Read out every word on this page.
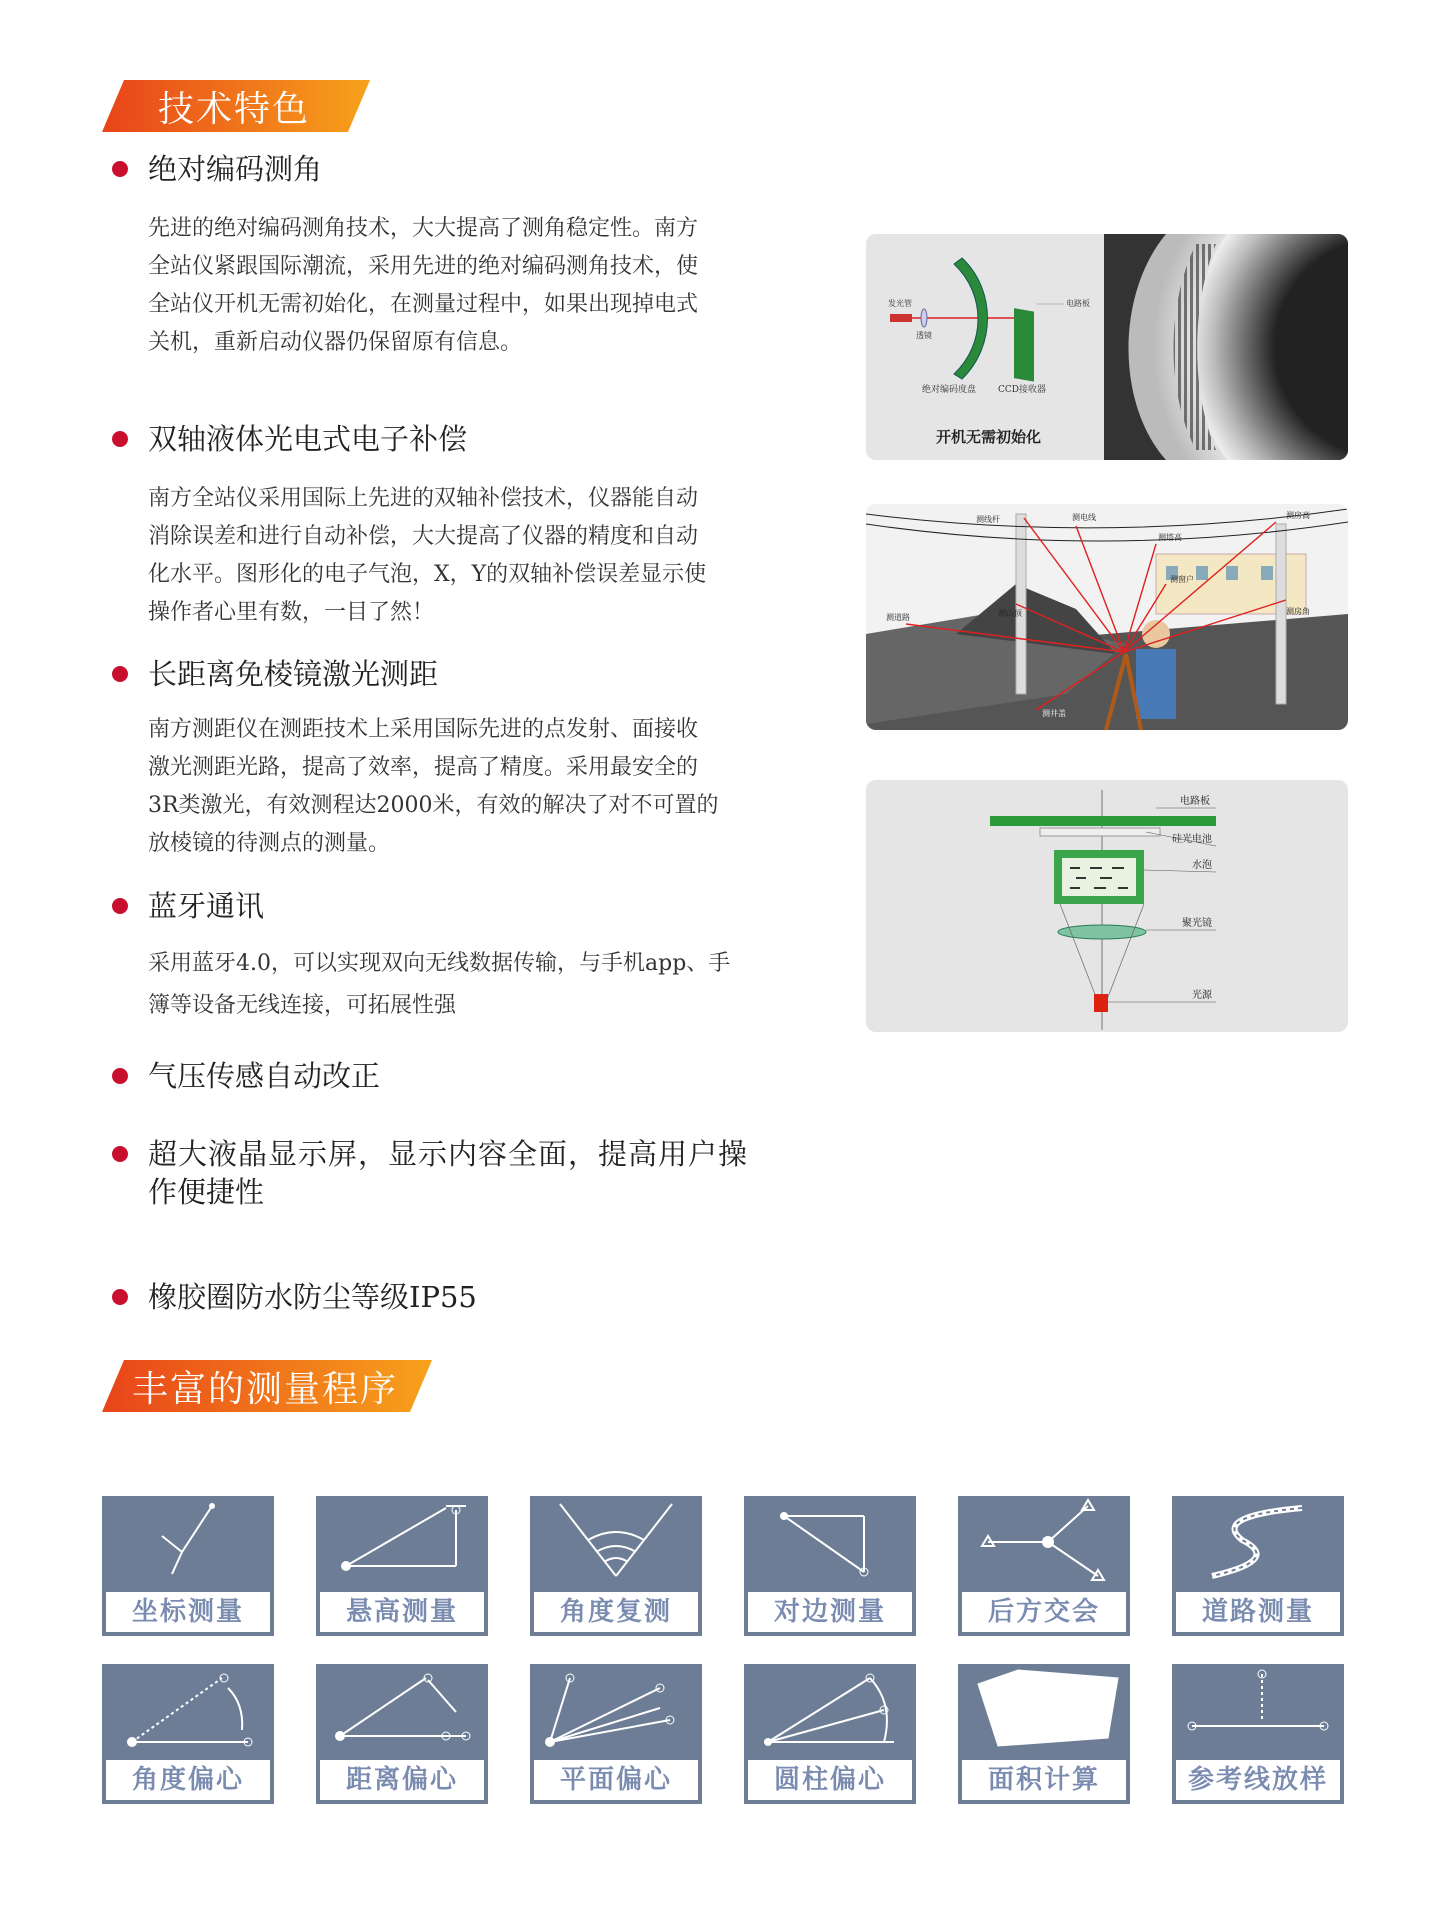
技术特色
绝对编码测角
先进的绝对编码测角技术，大大提高了测角稳定性。南方
全站仪紧跟国际潮流，采用先进的绝对编码测角技术，使
全站仪开机无需初始化，在测量过程中，如果出现掉电式
关机，重新启动仪器仍保留原有信息。
双轴液体光电式电子补偿
南方全站仪采用国际上先进的双轴补偿技术，仪器能自动
消除误差和进行自动补偿，大大提高了仪器的精度和自动
化水平。图形化的电子气泡，X，Y的双轴补偿误差显示使
操作者心里有数，一目了然！
长距离免棱镜激光测距
南方测距仪在测距技术上采用国际先进的点发射、面接收
激光测距光路，提高了效率，提高了精度。采用最安全的
3R类激光，有效测程达2000米，有效的解决了对不可置的
放棱镜的待测点的测量。
蓝牙通讯
采用蓝牙4.0，可以实现双向无线数据传输，与手机app、手
簿等设备无线连接，可拓展性强
气压传感自动改正
超大液晶显示屏，显示内容全面，提高用户操
作便捷性
橡胶圈防水防尘等级IP55
发光管
透镜
电路板
绝对编码度盘 CCD接收器
开机无需初始化
测线杆	测电线	测房高
测塔高
测窗户
测道路	测山顶	测房角
测井盖
电路板
硅光电池
水泡
聚光镜
光源
丰富的测量程序
坐标测量	悬高测量	角度复测	对边测量	后方交会	道路测量
角度偏心	距离偏心	平面偏心	圆柱偏心	面积计算	参考线放样
